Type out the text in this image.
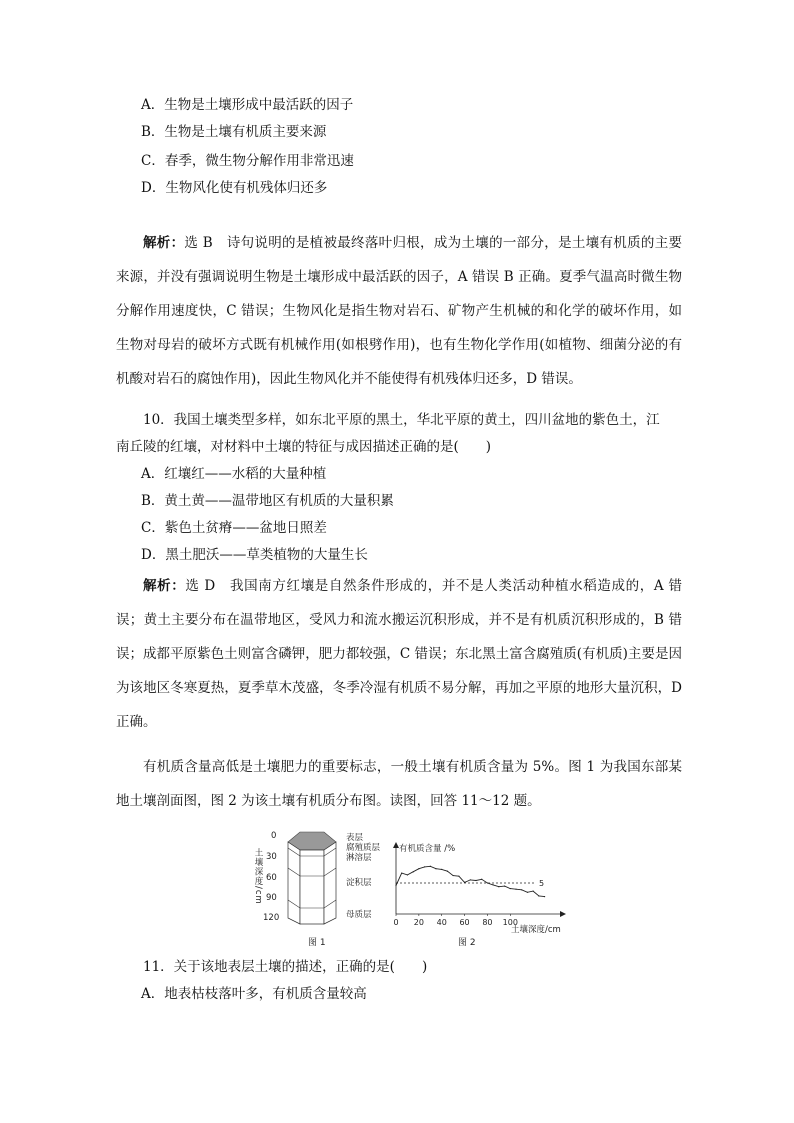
A．生物是土壤形成中最活跃的因子
B．生物是土壤有机质主要来源
C．春季，微生物分解作用非常迅速
D．生物风化使有机残体归还多
解析：选 B　诗句说明的是植被最终落叶归根，成为土壤的一部分，是土壤有机质的主要来源，并没有强调说明生物是土壤形成中最活跃的因子，A 错误 B 正确。夏季气温高时微生物分解作用速度快，C 错误；生物风化是指生物对岩石、矿物产生机械的和化学的破坏作用，如生物对母岩的破坏方式既有机械作用(如根劈作用)，也有生物化学作用(如植物、细菌分泌的有机酸对岩石的腐蚀作用)，因此生物风化并不能使得有机残体归还多，D 错误。
10．我国土壤类型多样，如东北平原的黑土，华北平原的黄土，四川盆地的紫色土，江
南丘陵的红壤，对材料中土壤的特征与成因描述正确的是(　　)
A．红壤红——水稻的大量种植
B．黄土黄——温带地区有机质的大量积累
C．紫色土贫瘠——盆地日照差
D．黑土肥沃——草类植物的大量生长
解析：选 D　我国南方红壤是自然条件形成的，并不是人类活动种植水稻造成的，A 错误；黄土主要分布在温带地区，受风力和流水搬运沉积形成，并不是有机质沉积形成的，B 错误；成都平原紫色土则富含磷钾，肥力都较强，C 错误；东北黑土富含腐殖质(有机质)主要是因为该地区冬寒夏热，夏季草木茂盛，冬季冷湿有机质不易分解，再加之平原的地形大量沉积，D 正确。
有机质含量高低是土壤肥力的重要标志，一般土壤有机质含量为 5%。图 1 为我国东部某地土壤剖面图，图 2 为该土壤有机质分布图。读图，回答 11～12 题。
土壤深度/cm
0
30
60
90
120
表层
腐殖质层
淋溶层
淀积层
母质层
图 1
有机质含量 /%
0 20 40 60 80 100
5
土壤深度/cm
图 2
11．关于该地表层土壤的描述，正确的是(　　)
A．地表枯枝落叶多，有机质含量较高
